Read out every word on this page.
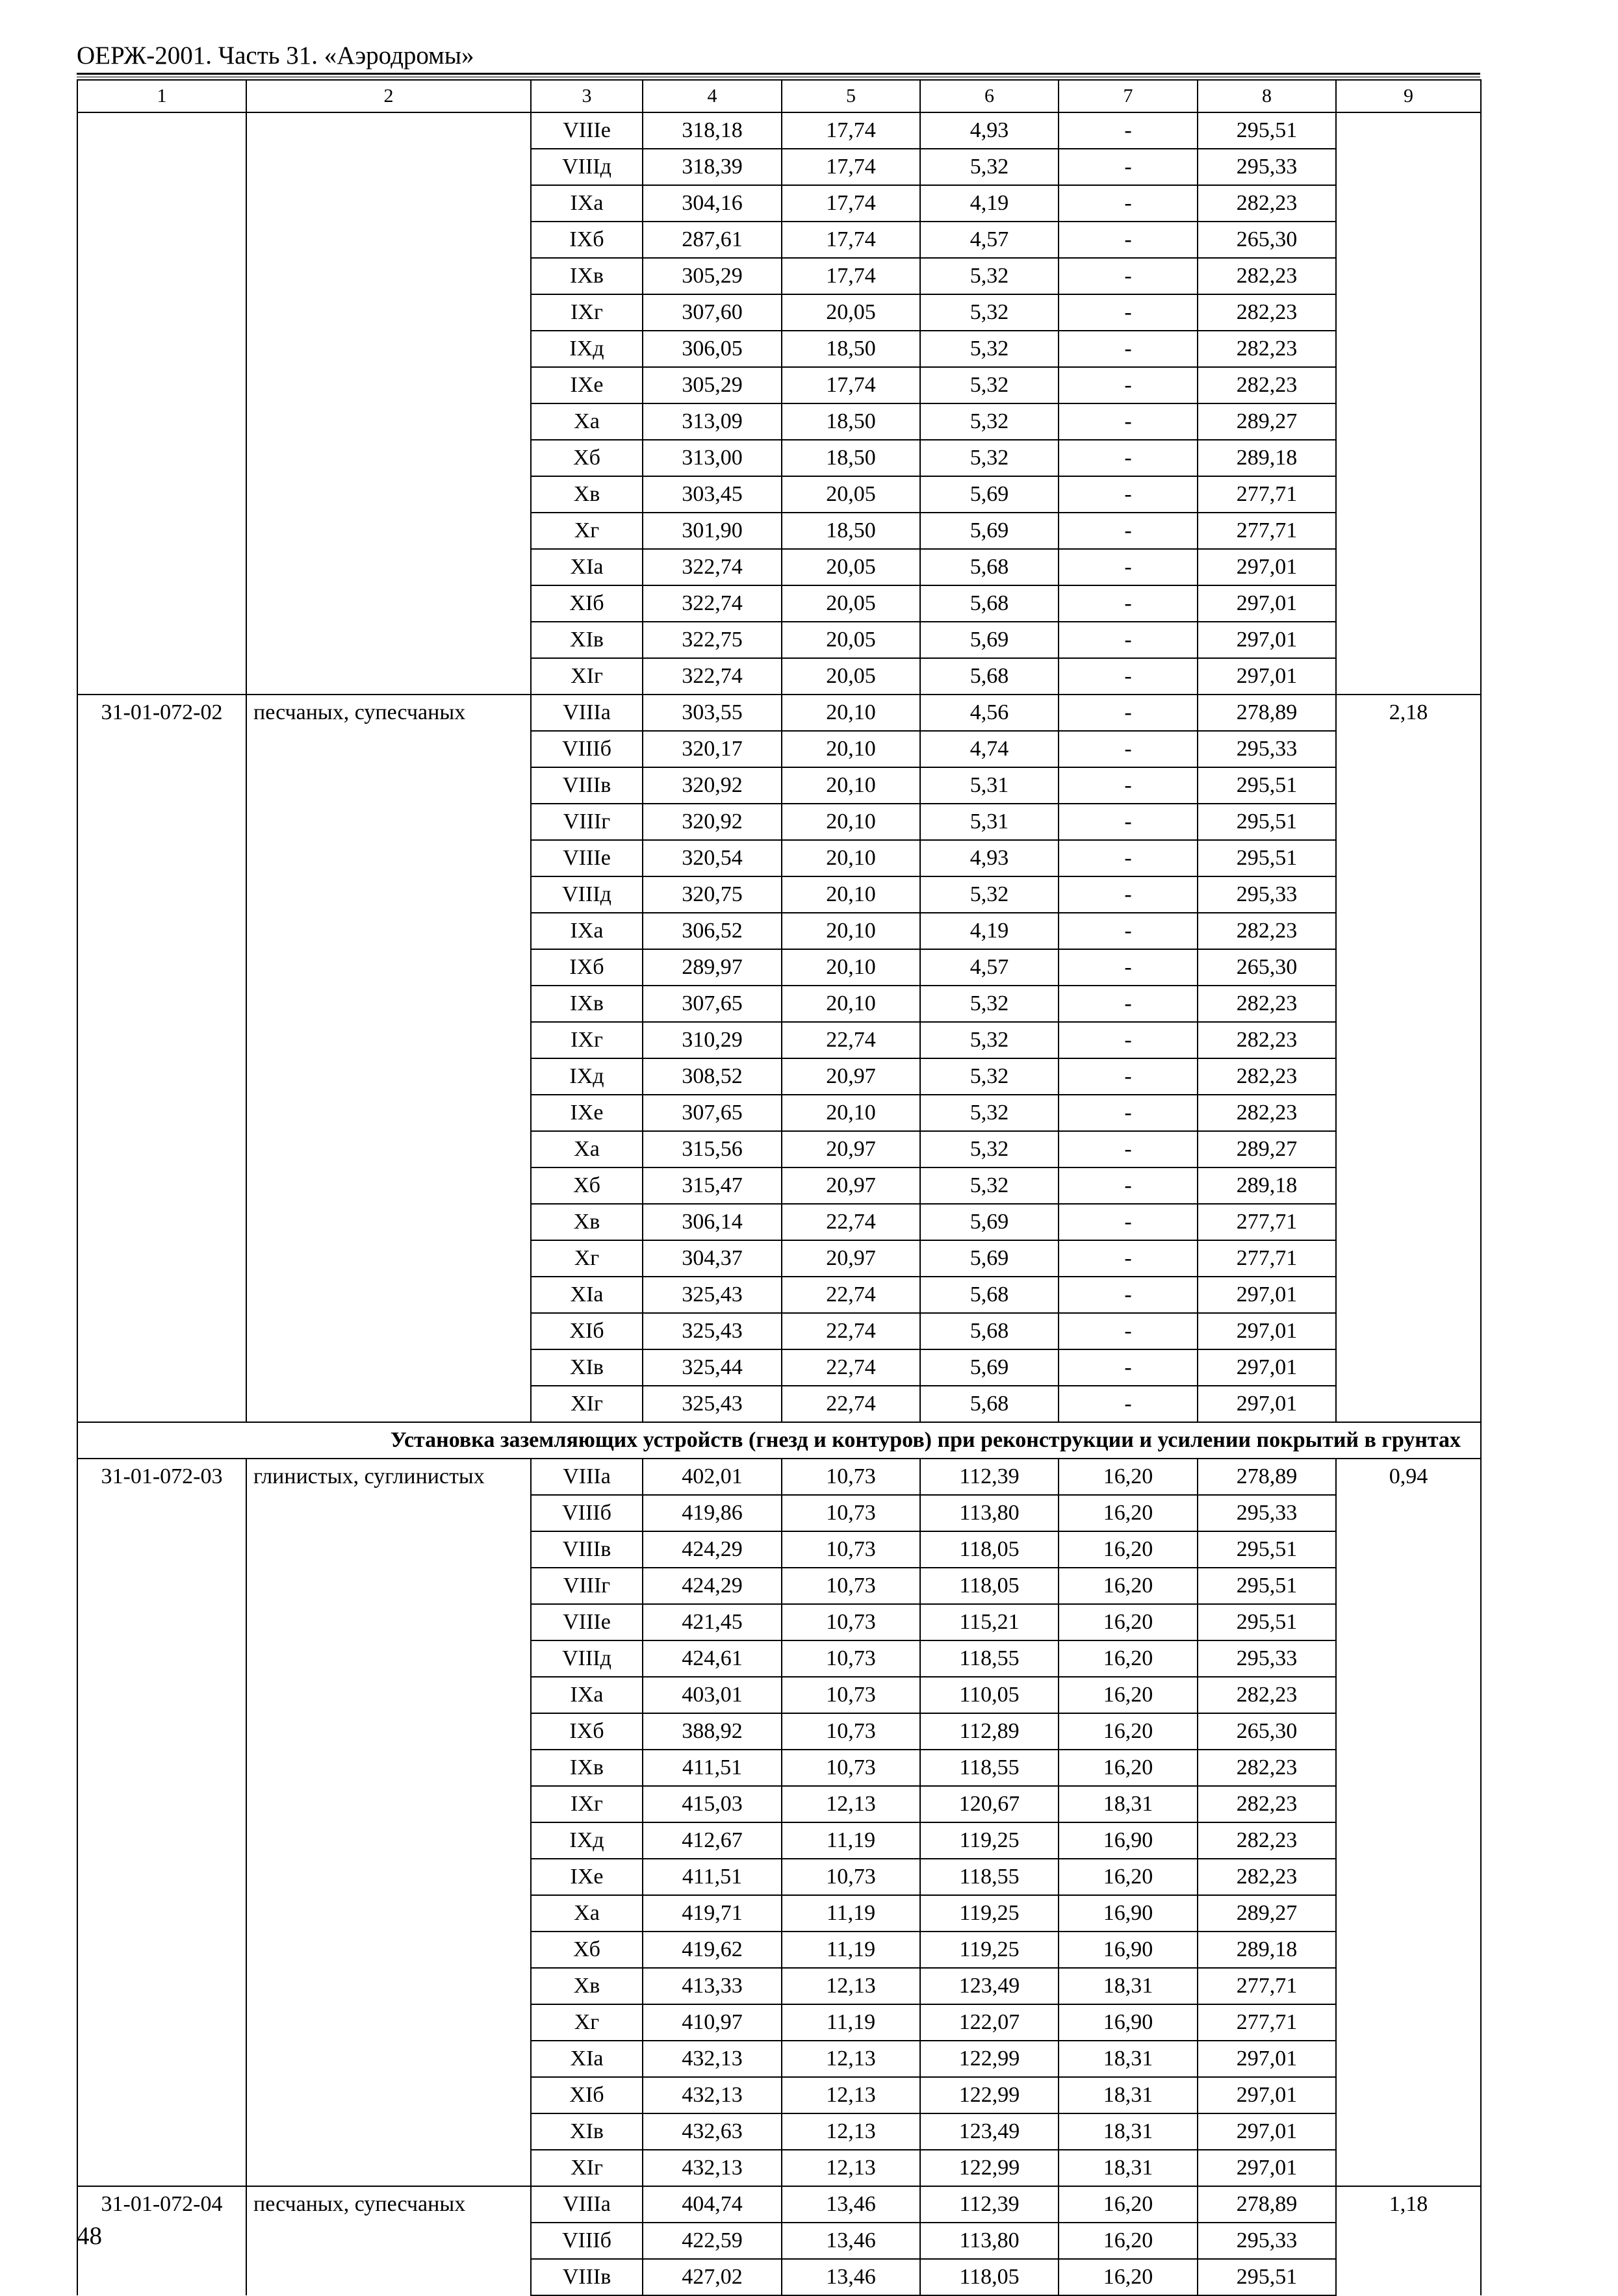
ОЕРЖ-2001. Часть 31. «Аэродромы»
1	2	3	4	5	6	7	8	9
		VIIIе	318,18	17,74	4,93	-	295,51	
		VIIIд	318,39	17,74	5,32	-	295,33	
		IXа	304,16	17,74	4,19	-	282,23	
		IXб	287,61	17,74	4,57	-	265,30	
		IXв	305,29	17,74	5,32	-	282,23	
		IXг	307,60	20,05	5,32	-	282,23	
		IXд	306,05	18,50	5,32	-	282,23	
		IXе	305,29	17,74	5,32	-	282,23	
		Xа	313,09	18,50	5,32	-	289,27	
		Xб	313,00	18,50	5,32	-	289,18	
		Xв	303,45	20,05	5,69	-	277,71	
		Xг	301,90	18,50	5,69	-	277,71	
		XIа	322,74	20,05	5,68	-	297,01	
		XIб	322,74	20,05	5,68	-	297,01	
		XIв	322,75	20,05	5,69	-	297,01	
		XIг	322,74	20,05	5,68	-	297,01	
31-01-072-02	песчаных, супесчаных	VIIIа	303,55	20,10	4,56	-	278,89	2,18
		VIIIб	320,17	20,10	4,74	-	295,33	
		VIIIв	320,92	20,10	5,31	-	295,51	
		VIIIг	320,92	20,10	5,31	-	295,51	
		VIIIе	320,54	20,10	4,93	-	295,51	
		VIIIд	320,75	20,10	5,32	-	295,33	
		IXа	306,52	20,10	4,19	-	282,23	
		IXб	289,97	20,10	4,57	-	265,30	
		IXв	307,65	20,10	5,32	-	282,23	
		IXг	310,29	22,74	5,32	-	282,23	
		IXд	308,52	20,97	5,32	-	282,23	
		IXе	307,65	20,10	5,32	-	282,23	
		Xа	315,56	20,97	5,32	-	289,27	
		Xб	315,47	20,97	5,32	-	289,18	
		Xв	306,14	22,74	5,69	-	277,71	
		Xг	304,37	20,97	5,69	-	277,71	
		XIа	325,43	22,74	5,68	-	297,01	
		XIб	325,43	22,74	5,68	-	297,01	
		XIв	325,44	22,74	5,69	-	297,01	
		XIг	325,43	22,74	5,68	-	297,01	
Установка заземляющих устройств (гнезд и контуров) при реконструкции и усилении покрытий в грунтах								
31-01-072-03	глинистых, суглинистых	VIIIа	402,01	10,73	112,39	16,20	278,89	0,94
		VIIIб	419,86	10,73	113,80	16,20	295,33	
		VIIIв	424,29	10,73	118,05	16,20	295,51	
		VIIIг	424,29	10,73	118,05	16,20	295,51	
		VIIIе	421,45	10,73	115,21	16,20	295,51	
		VIIIд	424,61	10,73	118,55	16,20	295,33	
		IXа	403,01	10,73	110,05	16,20	282,23	
		IXб	388,92	10,73	112,89	16,20	265,30	
		IXв	411,51	10,73	118,55	16,20	282,23	
		IXг	415,03	12,13	120,67	18,31	282,23	
		IXд	412,67	11,19	119,25	16,90	282,23	
		IXе	411,51	10,73	118,55	16,20	282,23	
		Xа	419,71	11,19	119,25	16,90	289,27	
		Xб	419,62	11,19	119,25	16,90	289,18	
		Xв	413,33	12,13	123,49	18,31	277,71	
		Xг	410,97	11,19	122,07	16,90	277,71	
		XIа	432,13	12,13	122,99	18,31	297,01	
		XIб	432,13	12,13	122,99	18,31	297,01	
		XIв	432,63	12,13	123,49	18,31	297,01	
		XIг	432,13	12,13	122,99	18,31	297,01	
31-01-072-04	песчаных, супесчаных	VIIIа	404,74	13,46	112,39	16,20	278,89	1,18
		VIIIб	422,59	13,46	113,80	16,20	295,33	
		VIIIв	427,02	13,46	118,05	16,20	295,51	
48
